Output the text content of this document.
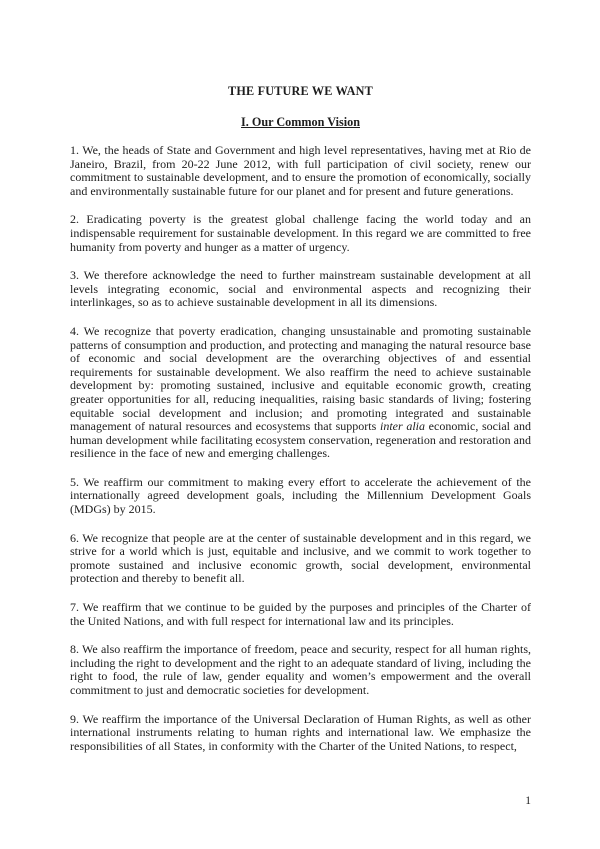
THE FUTURE WE WANT
I. Our Common Vision

1. We, the heads of State and Government and high level representatives, having met at Rio de Janeiro, Brazil, from 20-22 June 2012, with full participation of civil society, renew our commitment to sustainable development, and to ensure the promotion of economically, socially and environmentally sustainable future for our planet and for present and future generations.

2. Eradicating poverty is the greatest global challenge facing the world today and an indispensable requirement for sustainable development. In this regard we are committed to free humanity from poverty and hunger as a matter of urgency.

3. We therefore acknowledge the need to further mainstream sustainable development at all levels integrating economic, social and environmental aspects and recognizing their interlinkages, so as to achieve sustainable development in all its dimensions.

4. We recognize that poverty eradication, changing unsustainable and promoting sustainable patterns of consumption and production, and protecting and managing the natural resource base of economic and social development are the overarching objectives of and essential requirements for sustainable development. We also reaffirm the need to achieve sustainable development by: promoting sustained, inclusive and equitable economic growth, creating greater opportunities for all, reducing inequalities, raising basic standards of living; fostering equitable social development and inclusion; and promoting integrated and sustainable management of natural resources and ecosystems that supports inter alia economic, social and human development while facilitating ecosystem conservation, regeneration and restoration and resilience in the face of new and emerging challenges.

5. We reaffirm our commitment to making every effort to accelerate the achievement of the internationally agreed development goals, including the Millennium Development Goals (MDGs) by 2015.

6. We recognize that people are at the center of sustainable development and in this regard, we strive for a world which is just, equitable and inclusive, and we commit to work together to promote sustained and inclusive economic growth, social development, environmental protection and thereby to benefit all.

7. We reaffirm that we continue to be guided by the purposes and principles of the Charter of the United Nations, and with full respect for international law and its principles.

8. We also reaffirm the importance of freedom, peace and security, respect for all human rights, including the right to development and the right to an adequate standard of living, including the right to food, the rule of law, gender equality and women’s empowerment and the overall commitment to just and democratic societies for development.

9. We reaffirm the importance of the Universal Declaration of Human Rights, as well as other international instruments relating to human rights and international law. We emphasize the responsibilities of all States, in conformity with the Charter of the United Nations, to respect,

1
